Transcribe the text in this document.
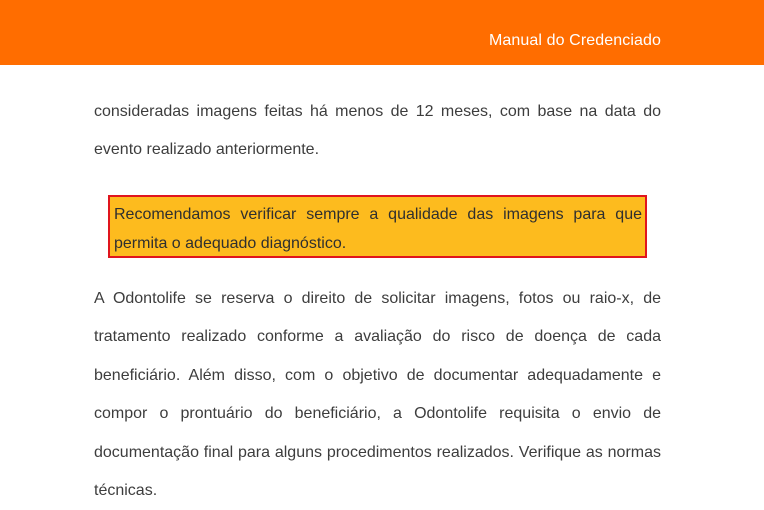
Manual do Credenciado

consideradas imagens feitas há menos de 12 meses, com base na data do evento realizado anteriormente.

Recomendamos verificar sempre a qualidade das imagens para que permita o adequado diagnóstico.

A Odontolife se reserva o direito de solicitar imagens, fotos ou raio-x, de tratamento realizado conforme a avaliação do risco de doença de cada beneficiário. Além disso, com o objetivo de documentar adequadamente e compor o prontuário do beneficiário, a Odontolife requisita o envio de documentação final para alguns procedimentos realizados. Verifique as normas técnicas.
